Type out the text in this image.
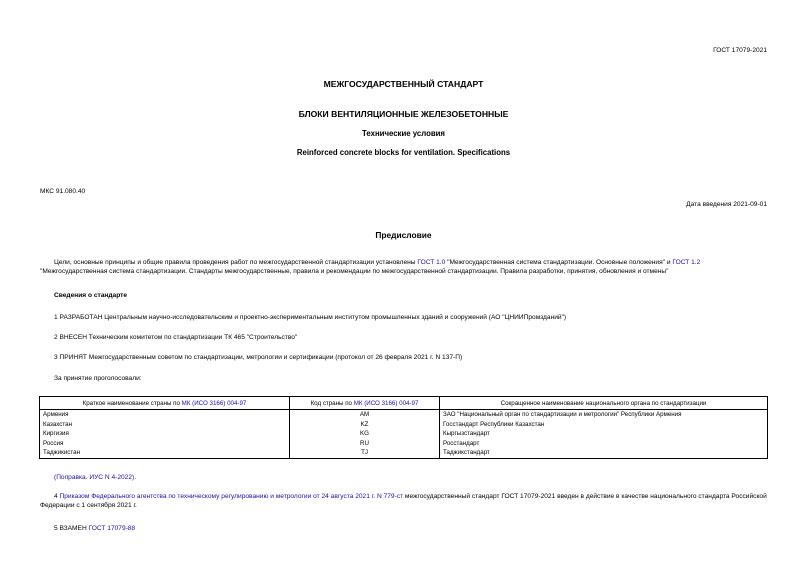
ГОСТ 17079-2021
МЕЖГОСУДАРСТВЕННЫЙ СТАНДАРТ
БЛОКИ ВЕНТИЛЯЦИОННЫЕ ЖЕЛЕЗОБЕТОННЫЕ
Технические условия
Reinforced concrete blocks for ventilation. Specifications
МКС 91.080.40
Дата введения 2021-09-01
Предисловие
Цели, основные принципы и общие правила проведения работ по межгосударственной стандартизации установлены ГОСТ 1.0 "Межгосударственная система стандартизации. Основные положения" и ГОСТ 1.2 "Межгосударственная система стандартизации. Стандарты межгосударственные, правила и рекомендации по межгосударственной стандартизации. Правила разработки, принятия, обновления и отмены"
Сведения о стандарте
1 РАЗРАБОТАН Центральным научно-исследовательским и проектно-экспериментальным институтом промышленных зданий и сооружений (АО "ЦНИИПромзданий")
2 ВНЕСЕН Техническим комитетом по стандартизации ТК 465 "Строительство"
3 ПРИНЯТ Межгосударственным советом по стандартизации, метрологии и сертификации (протокол от 26 февраля 2021 г. N 137-П)
За принятие проголосовали:
Краткое наименование страны по МК (ИСО 3166) 004-97	Код страны по МК (ИСО 3166) 004-97	Сокращенное наименование национального органа по стандартизации
Армения	AM	ЗАО "Национальный орган по стандартизации и метрологии" Республики Армения
Казахстан	KZ	Госстандарт Республики Казахстан
Киргизия	KG	Кыргызстандарт
Россия	RU	Росстандарт
Таджикистан	TJ	Таджикстандарт
(Поправка. ИУС N 4-2022).
4 Приказом Федерального агентства по техническому регулированию и метрологии от 24 августа 2021 г. N 779-ст межгосударственный стандарт ГОСТ 17079-2021 введен в действие в качестве национального стандарта Российской Федерации с 1 сентября 2021 г.
5 ВЗАМЕН ГОСТ 17079-88
